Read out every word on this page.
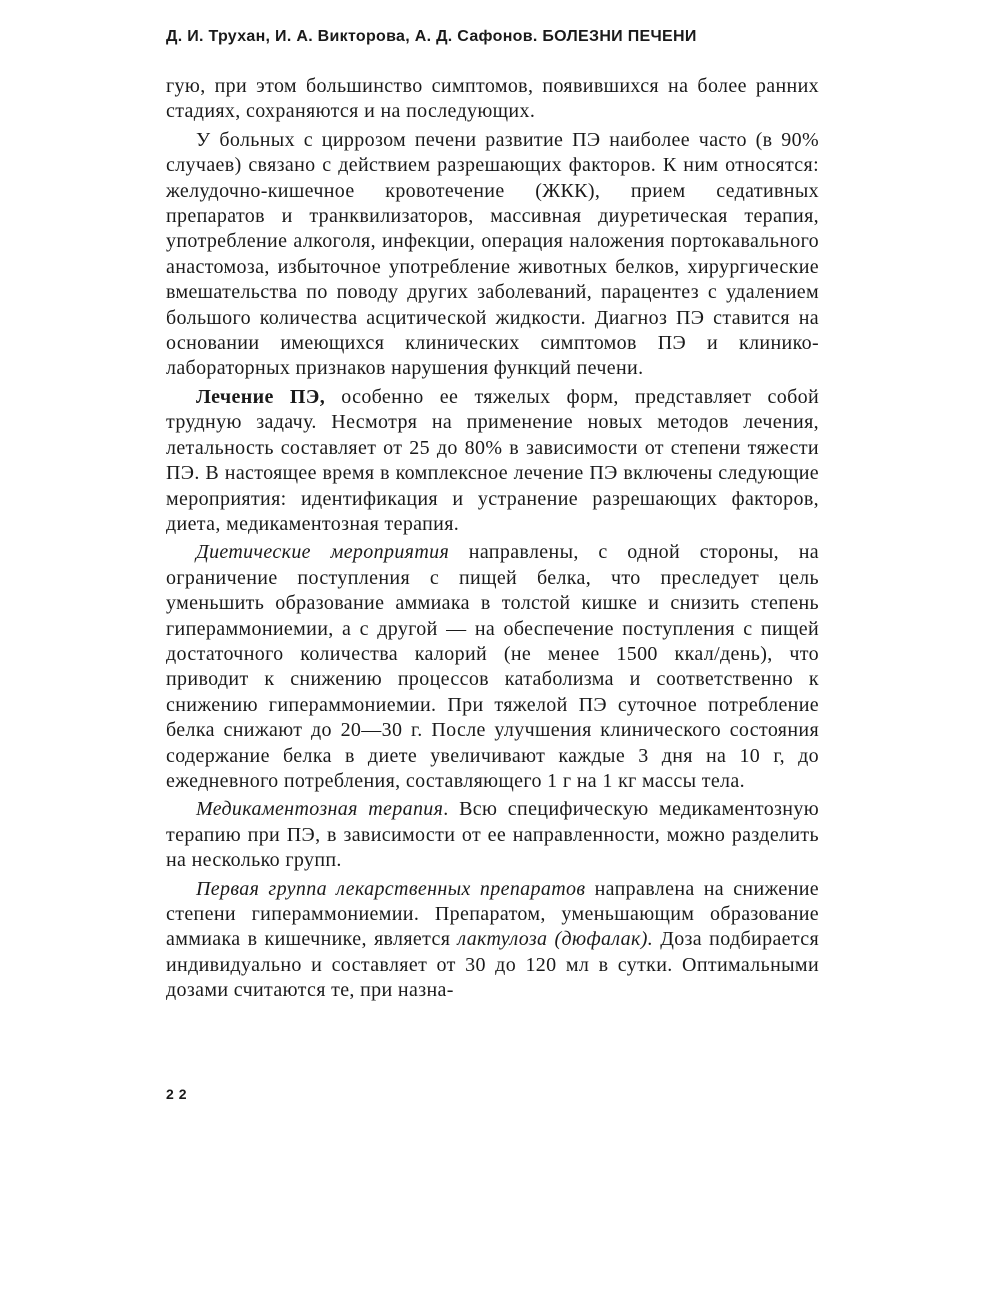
Д. И. Трухан, И. А. Викторова, А. Д. Сафонов. БОЛЕЗНИ ПЕЧЕНИ

гую, при этом большинство симптомов, появившихся на более ранних стадиях, сохраняются и на последующих.

У больных с циррозом печени развитие ПЭ наиболее часто (в 90% случаев) связано с действием разрешающих факторов. К ним относятся: желудочно-кишечное кровотечение (ЖКК), прием седативных препаратов и транквилизаторов, массивная диуретическая терапия, употребление алкоголя, инфекции, операция наложения портокавального анастомоза, избыточное употребление животных белков, хирургические вмешательства по поводу других заболеваний, парацентез с удалением большого количества асцитической жидкости. Диагноз ПЭ ставится на основании имеющихся клинических симптомов ПЭ и клинико-лабораторных признаков нарушения функций печени.

Лечение ПЭ, особенно ее тяжелых форм, представляет собой трудную задачу. Несмотря на применение новых методов лечения, летальность составляет от 25 до 80% в зависимости от степени тяжести ПЭ. В настоящее время в комплексное лечение ПЭ включены следующие мероприятия: идентификация и устранение разрешающих факторов, диета, медикаментозная терапия.

Диетические мероприятия направлены, с одной стороны, на ограничение поступления с пищей белка, что преследует цель уменьшить образование аммиака в толстой кишке и снизить степень гипераммониемии, а с другой — на обеспечение поступления с пищей достаточного количества калорий (не менее 1500 ккал/день), что приводит к снижению процессов катаболизма и соответственно к снижению гипераммониемии. При тяжелой ПЭ суточное потребление белка снижают до 20—30 г. После улучшения клинического состояния содержание белка в диете увеличивают каждые 3 дня на 10 г, до ежедневного потребления, составляющего 1 г на 1 кг массы тела.

Медикаментозная терапия. Всю специфическую медикаментозную терапию при ПЭ, в зависимости от ее направленности, можно разделить на несколько групп.

Первая группа лекарственных препаратов направлена на снижение степени гипераммониемии. Препаратом, уменьшающим образование аммиака в кишечнике, является лактулоза (дюфалак). Доза подбирается индивидуально и составляет от 30 до 120 мл в сутки. Оптимальными дозами считаются те, при назна-

22
